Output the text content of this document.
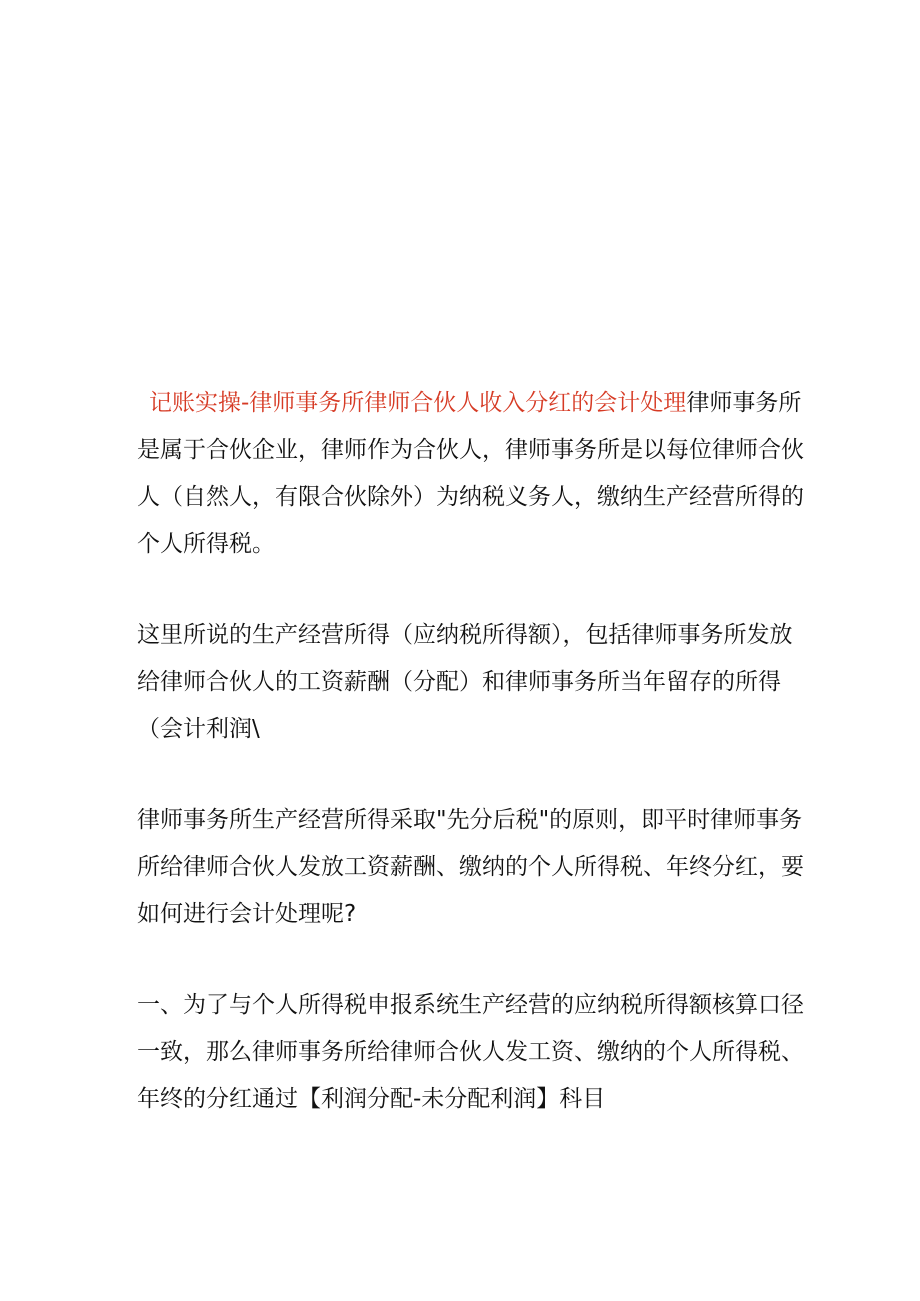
记账实操-律师事务所律师合伙人收入分红的会计处理律师事务所是属于合伙企业，律师作为合伙人，律师事务所是以每位律师合伙人（自然人，有限合伙除外）为纳税义务人，缴纳生产经营所得的个人所得税。

这里所说的生产经营所得（应纳税所得额），包括律师事务所发放给律师合伙人的工资薪酬（分配）和律师事务所当年留存的所得（会计利润\

律师事务所生产经营所得采取"先分后税"的原则，即平时律师事务所给律师合伙人发放工资薪酬、缴纳的个人所得税、年终分红，要如何进行会计处理呢?

一、为了与个人所得税申报系统生产经营的应纳税所得额核算口径一致，那么律师事务所给律师合伙人发工资、缴纳的个人所得税、年终的分红通过【利润分配-未分配利润】科目
